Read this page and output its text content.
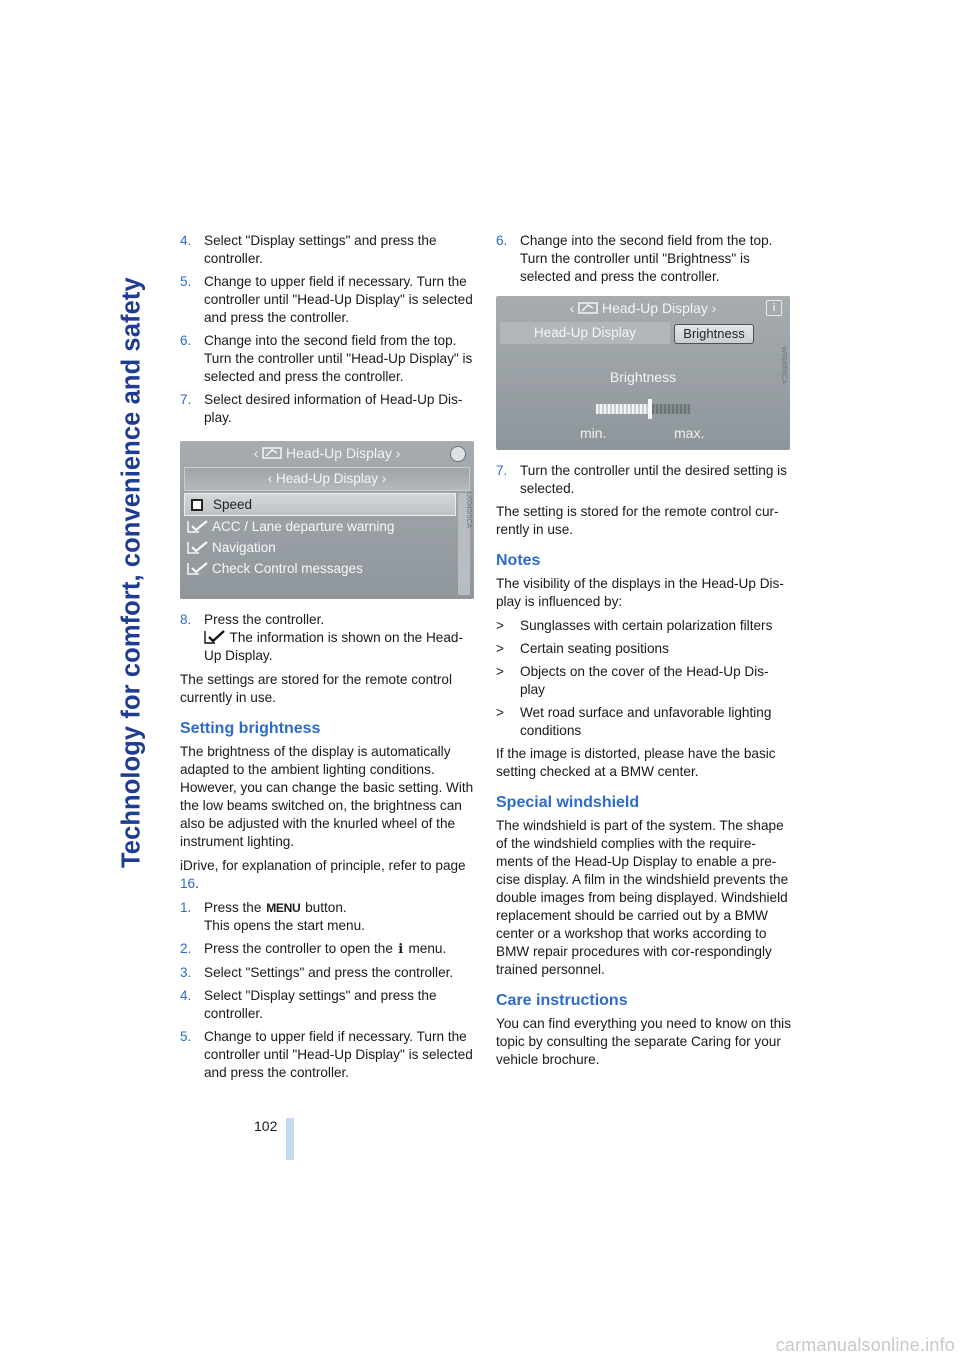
Technology for comfort, convenience and safety
102
4. Select "Display settings" and press the controller.
5. Change to upper field if necessary. Turn the controller until "Head-Up Display" is selected and press the controller.
6. Change into the second field from the top. Turn the controller until "Head-Up Display" is selected and press the controller.
7. Select desired information of Head-Up Dis-play.
‹  Head-Up Display ›
‹ Head-Up Display ›
Speed
ACC / Lane departure warning
Navigation
Check Control messages
U6040/5CA
8. Press the controller.

The information is shown on the Head-Up Display.

The settings are stored for the remote control currently in use.

Setting brightness

The brightness of the display is automatically adapted to the ambient lighting conditions. However, you can change the basic setting. With the low beams switched on, the brightness can also be adjusted with the knurled wheel of the instrument lighting.

iDrive, for explanation of principle, refer to page 16.

1. Press the MENU button.
This opens the start menu.
2. Press the controller to open the i menu.
3. Select "Settings" and press the controller.
4. Select "Display settings" and press the controller.
5. Change to upper field if necessary. Turn the controller until "Head-Up Display" is selected and press the controller.
6. Change into the second field from the top. Turn the controller until "Brightness" is selected and press the controller.
‹  Head-Up Display ›	i
Head-Up Display	Brightness
Brightness
min.	max.
W6040/5CA
7. Turn the controller until the desired setting is selected.

The setting is stored for the remote control cur-rently in use.

Notes

The visibility of the displays in the Head-Up Dis-play is influenced by:

> Sunglasses with certain polarization filters
> Certain seating positions
> Objects on the cover of the Head-Up Dis-play
> Wet road surface and unfavorable lighting conditions

If the image is distorted, please have the basic setting checked at a BMW center.

Special windshield

The windshield is part of the system. The shape of the windshield complies with the require-ments of the Head-Up Display to enable a pre-cise display. A film in the windshield prevents the double images from being displayed. Windshield replacement should be carried out by a BMW center or a workshop that works according to BMW repair procedures with cor-respondingly trained personnel.

Care instructions

You can find everything you need to know on this topic by consulting the separate Caring for your vehicle brochure.

carmanualsonline.info
